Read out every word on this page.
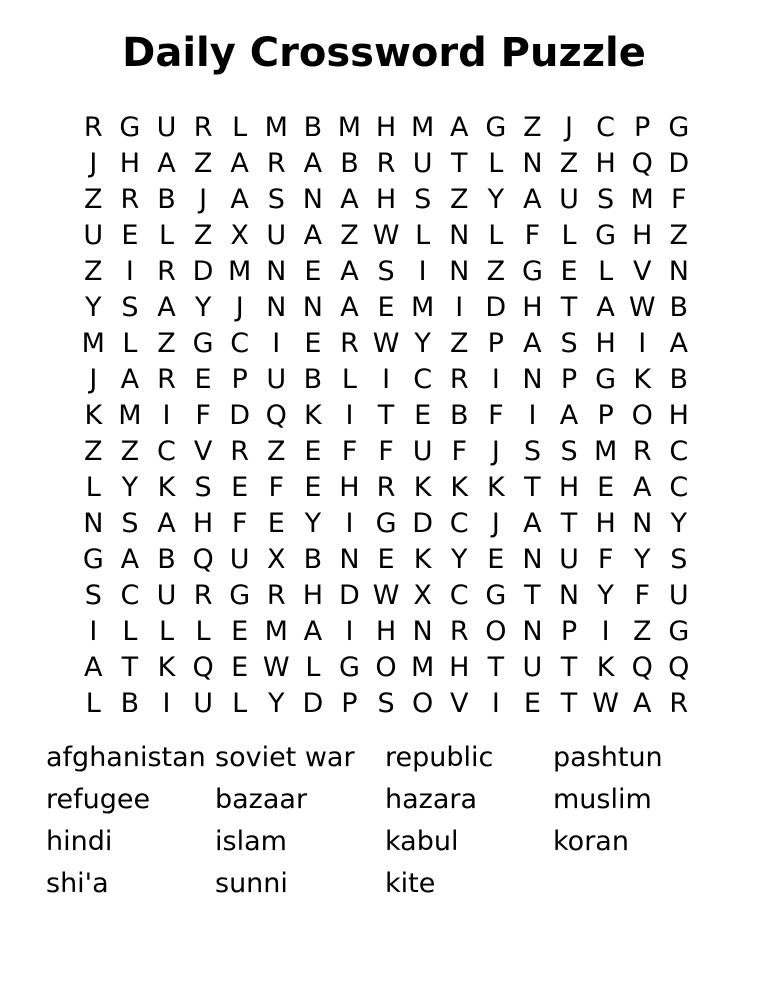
Daily Crossword Puzzle
R G U R L M B M H M A G Z J C P G
J H A Z A R A B R U T L N Z H Q D
Z R B J A S N A H S Z Y A U S M F
U E L Z X U A Z W L N L F L G H Z
Z I R D M N E A S I N Z G E L V N
Y S A Y J N N A E M I D H T A W B
M L Z G C I E R W Y Z P A S H I A
J A R E P U B L I C R I N P G K B
K M I F D Q K I T E B F I A P O H
Z Z C V R Z E F F U F J S S M R C
L Y K S E F E H R K K K T H E A C
N S A H F E Y I G D C J A T H N Y
G A B Q U X B N E K Y E N U F Y S
S C U R G R H D W X C G T N Y F U
I L L L E M A I H N R O N P I Z G
A T K Q E W L G O M H T U T K Q Q
L B I U L Y D P S O V I E T W A R
afghanistan
refugee
hindi
shi'a
soviet war
bazaar
islam
sunni
republic
hazara
kabul
kite
pashtun
muslim
koran
